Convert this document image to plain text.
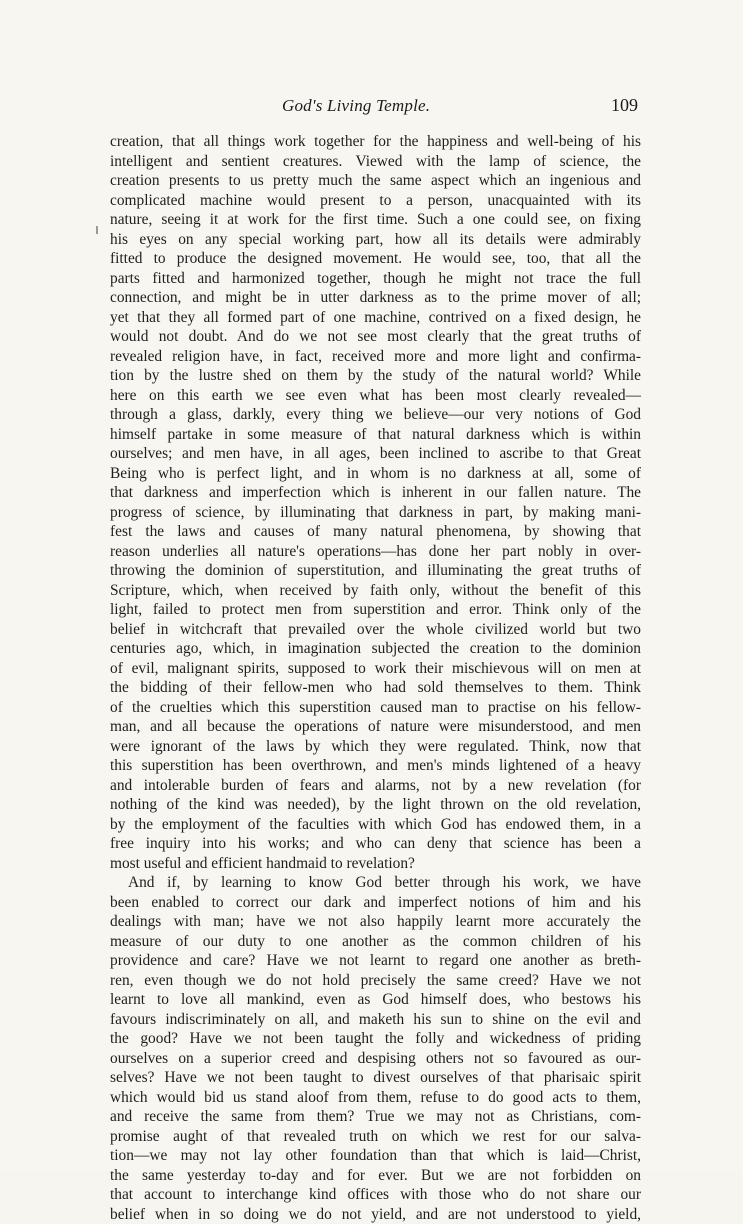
God's Living Temple.	109
creation, that all things work together for the happiness and well-being of his
intelligent and sentient creatures. Viewed with the lamp of science, the
creation presents to us pretty much the same aspect which an ingenious and
complicated machine would present to a person, unacquainted with its
nature, seeing it at work for the first time. Such a one could see, on fixing
his eyes on any special working part, how all its details were admirably
fitted to produce the designed movement. He would see, too, that all the
parts fitted and harmonized together, though he might not trace the full
connection, and might be in utter darkness as to the prime mover of all;
yet that they all formed part of one machine, contrived on a fixed design, he
would not doubt. And do we not see most clearly that the great truths of
revealed religion have, in fact, received more and more light and confirma-
tion by the lustre shed on them by the study of the natural world? While
here on this earth we see even what has been most clearly revealed—
through a glass, darkly, every thing we believe—our very notions of God
himself partake in some measure of that natural darkness which is within
ourselves; and men have, in all ages, been inclined to ascribe to that Great
Being who is perfect light, and in whom is no darkness at all, some of
that darkness and imperfection which is inherent in our fallen nature. The
progress of science, by illuminating that darkness in part, by making mani-
fest the laws and causes of many natural phenomena, by showing that
reason underlies all nature's operations—has done her part nobly in over-
throwing the dominion of superstitution, and illuminating the great truths of
Scripture, which, when received by faith only, without the benefit of this
light, failed to protect men from superstition and error. Think only of the
belief in witchcraft that prevailed over the whole civilized world but two
centuries ago, which, in imagination subjected the creation to the dominion
of evil, malignant spirits, supposed to work their mischievous will on men at
the bidding of their fellow-men who had sold themselves to them. Think
of the cruelties which this superstition caused man to practise on his fellow-
man, and all because the operations of nature were misunderstood, and men
were ignorant of the laws by which they were regulated. Think, now that
this superstition has been overthrown, and men's minds lightened of a heavy
and intolerable burden of fears and alarms, not by a new revelation (for
nothing of the kind was needed), by the light thrown on the old revelation,
by the employment of the faculties with which God has endowed them, in a
free inquiry into his works; and who can deny that science has been a
most useful and efficient handmaid to revelation?
And if, by learning to know God better through his work, we have
been enabled to correct our dark and imperfect notions of him and his
dealings with man; have we not also happily learnt more accurately the
measure of our duty to one another as the common children of his
providence and care? Have we not learnt to regard one another as breth-
ren, even though we do not hold precisely the same creed? Have we not
learnt to love all mankind, even as God himself does, who bestows his
favours indiscriminately on all, and maketh his sun to shine on the evil and
the good? Have we not been taught the folly and wickedness of priding
ourselves on a superior creed and despising others not so favoured as our-
selves? Have we not been taught to divest ourselves of that pharisaic spirit
which would bid us stand aloof from them, refuse to do good acts to them,
and receive the same from them? True we may not as Christians, com-
promise aught of that revealed truth on which we rest for our salva-
tion—we may not lay other foundation than that which is laid—Christ,
the same yesterday to-day and for ever. But we are not forbidden on
that account to interchange kind offices with those who do not share our
belief when in so doing we do not yield, and are not understood to yield,
